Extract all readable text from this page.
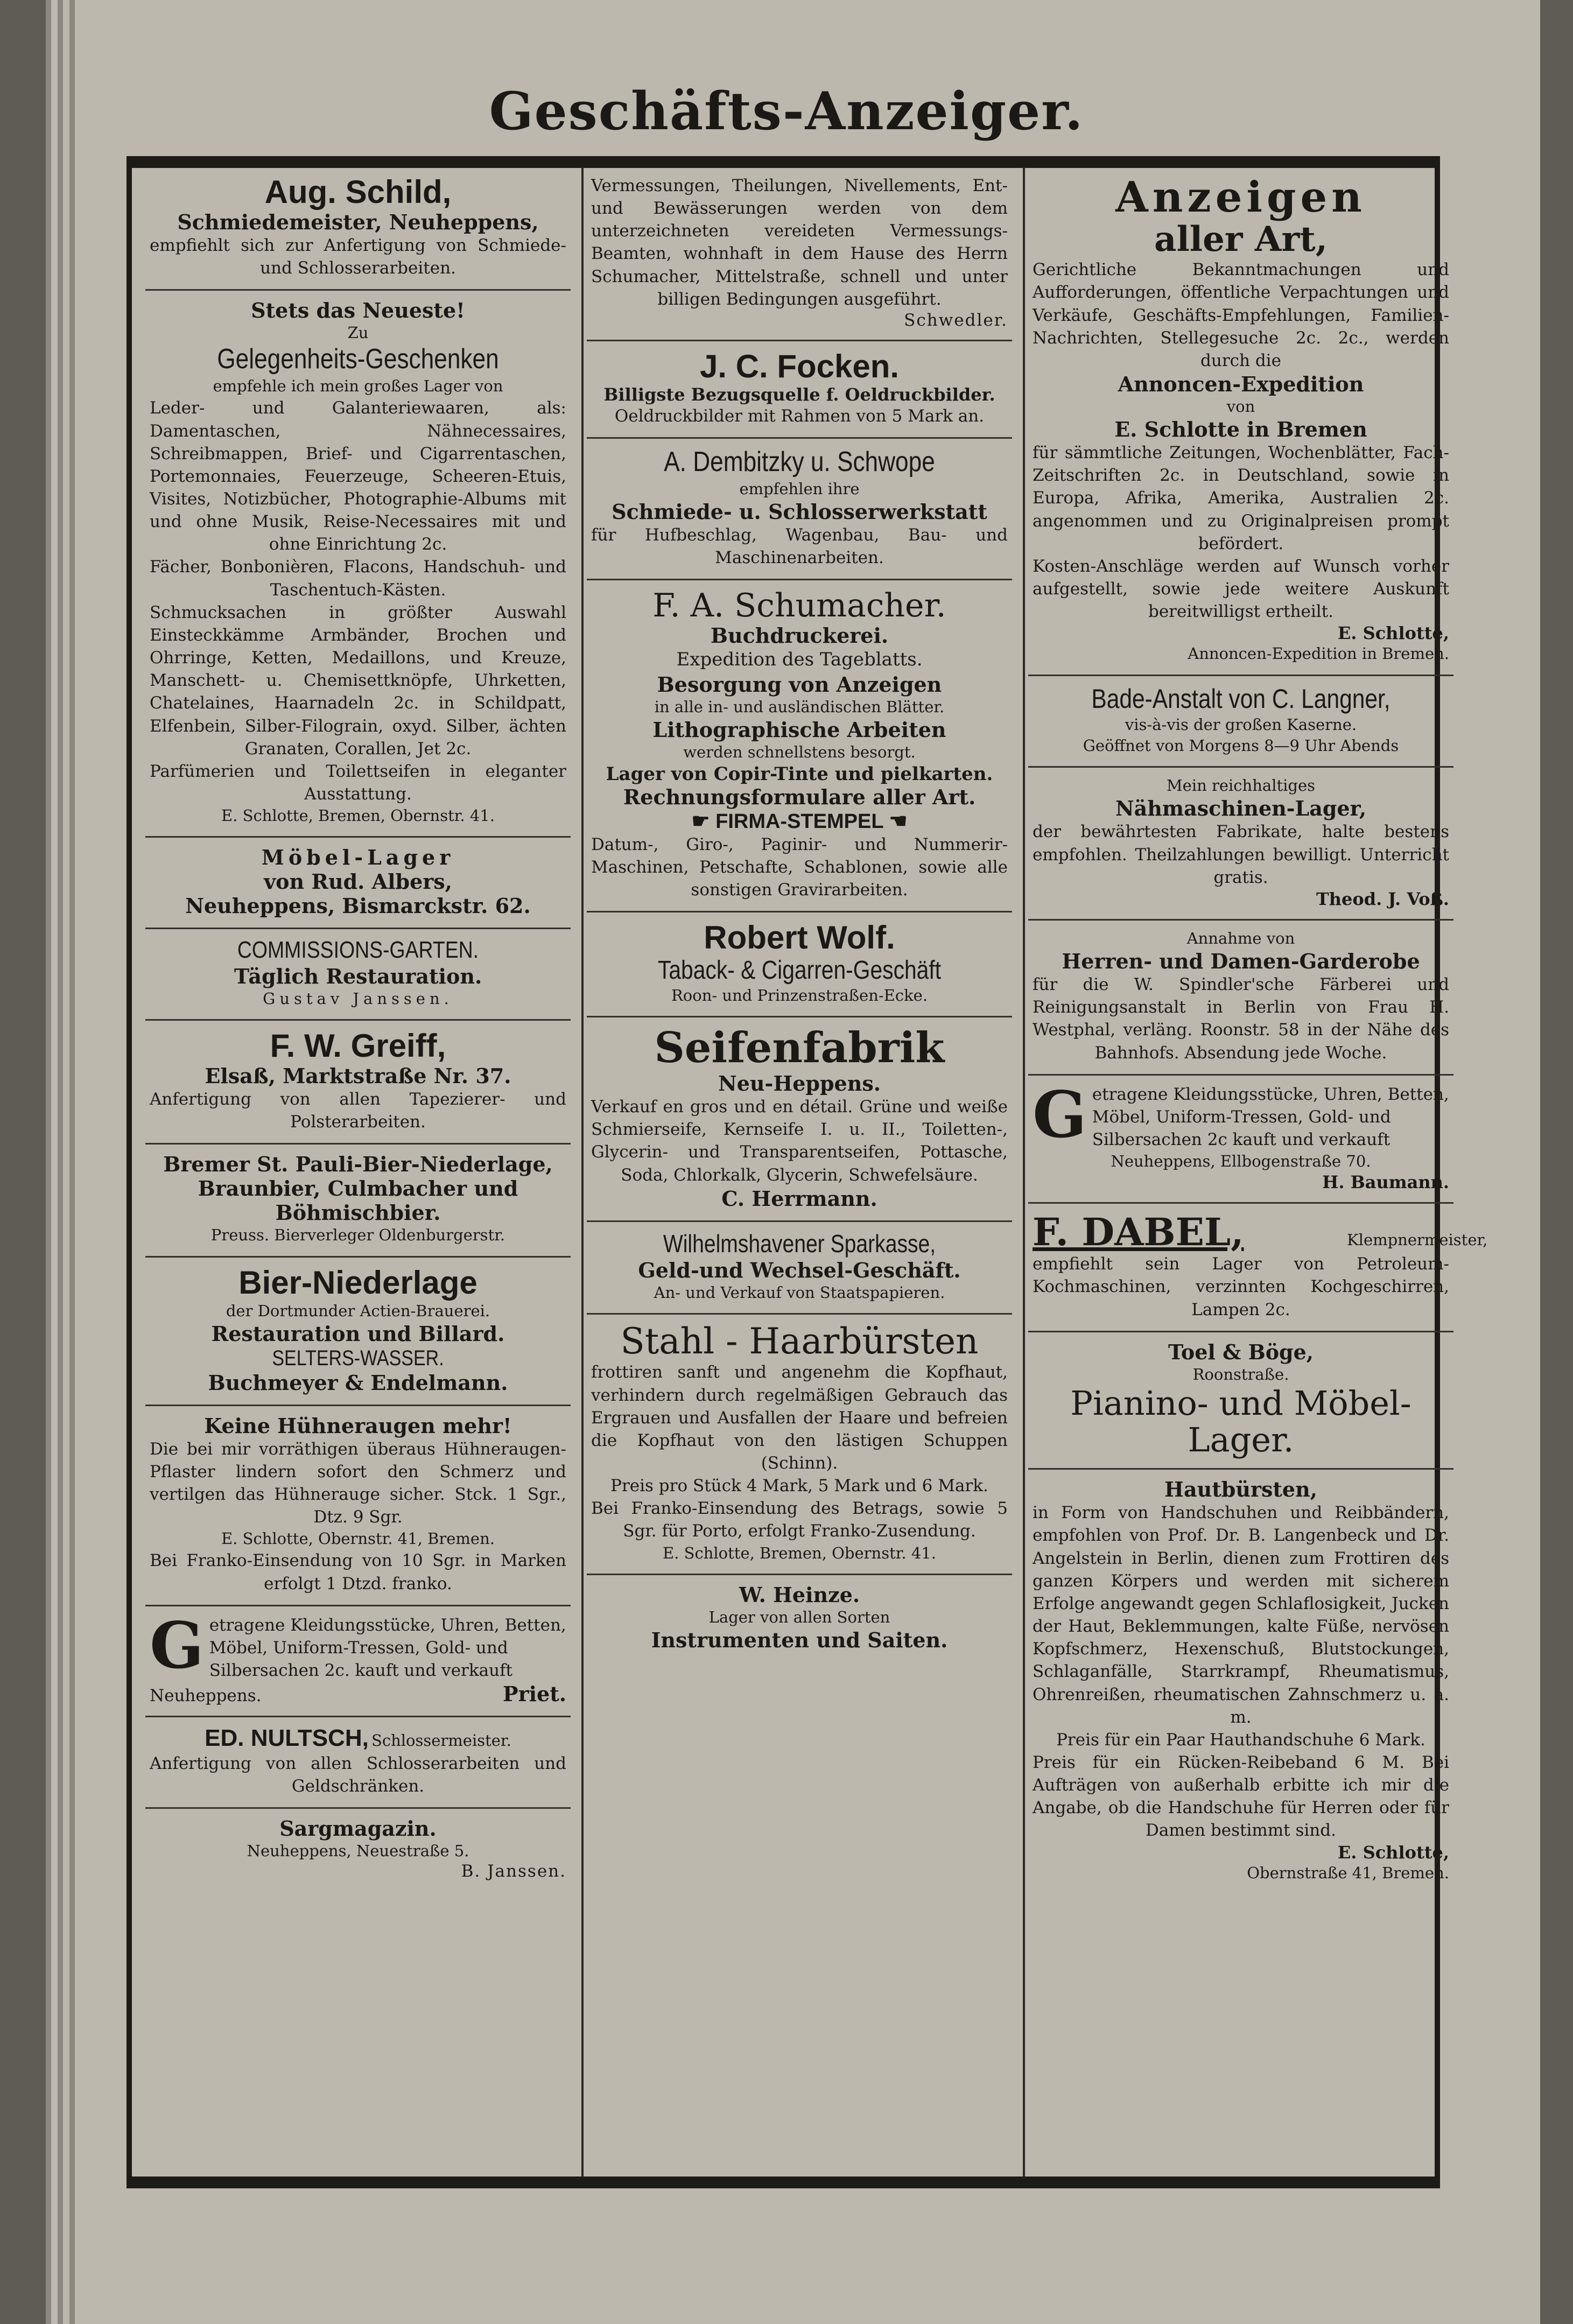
Geschäfts-Anzeiger.
Aug. Schild,
Schmiedemeister, Neuheppens,
empfiehlt sich zur Anfertigung von Schmiede- und Schlosserarbeiten.
Stets das Neueste!
Zu
Gelegenheits-Geschenken
empfehle ich mein großes Lager von
Leder- und Galanteriewaaren, als: Damentaschen, Nähnecessaires, Schreibmappen, Brief- und Cigarrentaschen, Portemonnaies, Feuerzeuge, Scheeren-Etuis, Visites, Notizbücher, Photographie-Albums mit und ohne Musik, Reise-Necessaires mit und ohne Einrichtung 2c.
Fächer, Bonbonièren, Flacons, Handschuh- und Taschentuch-Kästen.
Schmucksachen in größter Auswahl Einsteckkämme Armbänder, Brochen und Ohrringe, Ketten, Medaillons, und Kreuze, Manschett- u. Chemisettknöpfe, Uhrketten, Chatelaines, Haarnadeln 2c. in Schildpatt, Elfenbein, Silber-Filograin, oxyd. Silber, ächten Granaten, Corallen, Jet 2c.
Parfümerien und Toilettseifen in eleganter Ausstattung.
E. Schlotte, Bremen, Obernstr. 41.
Möbel-Lager
von Rud. Albers,
Neuheppens, Bismarckstr. 62.
COMMISSIONS-GARTEN.
Täglich Restauration.
Gustav Janssen.
F. W. Greiff,
Elsaß, Marktstraße Nr. 37.
Anfertigung von allen Tapezierer- und Polsterarbeiten.
Bremer St. Pauli-Bier-Niederlage, Braunbier, Culmbacher und Böhmischbier.
Preuss. Bierverleger Oldenburgerstr.
Bier-Niederlage
der Dortmunder Actien-Brauerei.
Restauration und Billard.
SELTERS-WASSER.
Buchmeyer & Endelmann.
Keine Hühneraugen mehr!
Die bei mir vorräthigen überaus Hühneraugen-Pflaster lindern sofort den Schmerz und vertilgen das Hühnerauge sicher. Stck. 1 Sgr., Dtz. 9 Sgr.
E. Schlotte, Obernstr. 41, Bremen.
Bei Franko-Einsendung von 10 Sgr. in Marken erfolgt 1 Dtzd. franko.
Getragene Kleidungsstücke, Uhren, Betten, Möbel, Uniform-Tressen, Gold- und Silbersachen 2c. kauft und verkauft
Neuheppens.	Priet.
ED. NULTSCH, Schlossermeister.
Anfertigung von allen Schlosserarbeiten und Geldschränken.
Sargmagazin.
Neuheppens, Neuestraße 5.
B. Janssen.
Vermessungen, Theilungen, Nivellements, Ent- und Bewässerungen werden von dem unterzeichneten vereideten Vermessungs-Beamten, wohnhaft in dem Hause des Herrn Schumacher, Mittelstraße, schnell und unter billigen Bedingungen ausgeführt.
Schwedler.
J. C. Focken.
Billigste Bezugsquelle f. Oeldruckbilder.
Oeldruckbilder mit Rahmen von 5 Mark an.
A. Dembitzky u. Schwope
empfehlen ihre
Schmiede- u. Schlosserwerkstatt
für Hufbeschlag, Wagenbau, Bau- und Maschinenarbeiten.
F. A. Schumacher.
Buchdruckerei.
Expedition des Tageblatts.
Besorgung von Anzeigen
in alle in- und ausländischen Blätter.
Lithographische Arbeiten
werden schnellstens besorgt.
Lager von Copir-Tinte und pielkarten.
Rechnungsformulare aller Art.
☛ FIRMA-STEMPEL ☚
Datum-, Giro-, Paginir- und Nummerir-Maschinen, Petschafte, Schablonen, sowie alle sonstigen Gravirarbeiten.
Robert Wolf.
Taback- & Cigarren-Geschäft
Roon- und Prinzenstraßen-Ecke.
Seifenfabrik
Neu-Heppens.
Verkauf en gros und en détail. Grüne und weiße Schmierseife, Kernseife I. u. II., Toiletten-, Glycerin- und Transparentseifen, Pottasche, Soda, Chlorkalk, Glycerin, Schwefelsäure.
C. Herrmann.
Wilhelmshavener Sparkasse,
Geld-und Wechsel-Geschäft.
An- und Verkauf von Staatspapieren.
Stahl - Haarbürsten
frottiren sanft und angenehm die Kopfhaut, verhindern durch regelmäßigen Gebrauch das Ergrauen und Ausfallen der Haare und befreien die Kopfhaut von den lästigen Schuppen (Schinn).
Preis pro Stück 4 Mark, 5 Mark und 6 Mark.
Bei Franko-Einsendung des Betrags, sowie 5 Sgr. für Porto, erfolgt Franko-Zusendung.
E. Schlotte, Bremen, Obernstr. 41.
W. Heinze.
Lager von allen Sorten
Instrumenten und Saiten.
Anzeigen
aller Art,
Gerichtliche Bekanntmachungen und Aufforderungen, öffentliche Verpachtungen und Verkäufe, Geschäfts-Empfehlungen, Familien-Nachrichten, Stellegesuche 2c. 2c., werden durch die
Annoncen-Expedition
von
E. Schlotte in Bremen
für sämmtliche Zeitungen, Wochenblätter, Fach-Zeitschriften 2c. in Deutschland, sowie in Europa, Afrika, Amerika, Australien 2c. angenommen und zu Originalpreisen prompt befördert.
Kosten-Anschläge werden auf Wunsch vorher aufgestellt, sowie jede weitere Auskunft bereitwilligst ertheilt.
E. Schlotte,
Annoncen-Expedition in Bremen.
Bade-Anstalt von C. Langner,
vis-à-vis der großen Kaserne.
Geöffnet von Morgens 8—9 Uhr Abends
Mein reichhaltiges
Nähmaschinen-Lager,
der bewährtesten Fabrikate, halte bestens empfohlen. Theilzahlungen bewilligt. Unterricht gratis.
Theod. J. Voß.
Annahme von
Herren- und Damen-Garderobe
für die W. Spindler'sche Färberei und Reinigungsanstalt in Berlin von Frau H. Westphal, verläng. Roonstr. 58 in der Nähe des Bahnhofs. Absendung jede Woche.
Getragene Kleidungsstücke, Uhren, Betten, Möbel, Uniform-Tressen, Gold- und Silbersachen 2c kauft und verkauft
Neuheppens, Ellbogenstraße 70.
H. Baumann.
F. DABEL,	Klempnermeister,
empfiehlt sein Lager von Petroleum-Kochmaschinen, verzinnten Kochgeschirren, Lampen 2c.
Toel & Böge,
Roonstraße.
Pianino- und Möbel-Lager.
Hautbürsten,
in Form von Handschuhen und Reibbändern, empfohlen von Prof. Dr. B. Langenbeck und Dr. Angelstein in Berlin, dienen zum Frottiren des ganzen Körpers und werden mit sicherem Erfolge angewandt gegen Schlaflosigkeit, Jucken der Haut, Beklemmungen, kalte Füße, nervösen Kopfschmerz, Hexenschuß, Blutstockungen, Schlaganfälle, Starrkrampf, Rheumatismus, Ohrenreißen, rheumatischen Zahnschmerz u. a. m.
Preis für ein Paar Hauthandschuhe 6 Mark.
Preis für ein Rücken-Reibeband 6 M. Bei Aufträgen von außerhalb erbitte ich mir die Angabe, ob die Handschuhe für Herren oder für Damen bestimmt sind.
E. Schlotte,
Obernstraße 41, Bremen.
